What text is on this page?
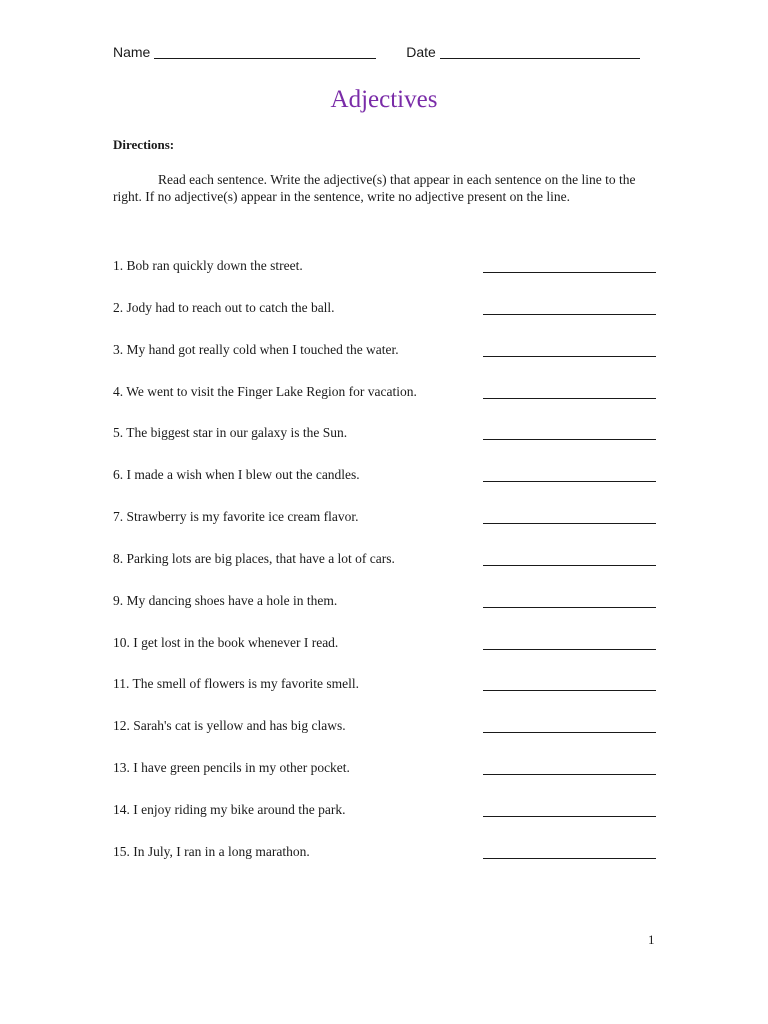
Name	Date
Adjectives
Directions:
Read each sentence. Write the adjective(s) that appear in each sentence on the line to the right. If no adjective(s) appear in the sentence, write no adjective present on the line.
1. Bob ran quickly down the street.
2. Jody had to reach out to catch the ball.
3. My hand got really cold when I touched the water.
4. We went to visit the Finger Lake Region for vacation.
5. The biggest star in our galaxy is the Sun.
6. I made a wish when I blew out the candles.
7. Strawberry is my favorite ice cream flavor.
8. Parking lots are big places, that have a lot of cars.
9. My dancing shoes have a hole in them.
10. I get lost in the book whenever I read.
11. The smell of flowers is my favorite smell.
12. Sarah's cat is yellow and has big claws.
13. I have green pencils in my other pocket.
14. I enjoy riding my bike around the park.
15. In July, I ran in a long marathon.
1
